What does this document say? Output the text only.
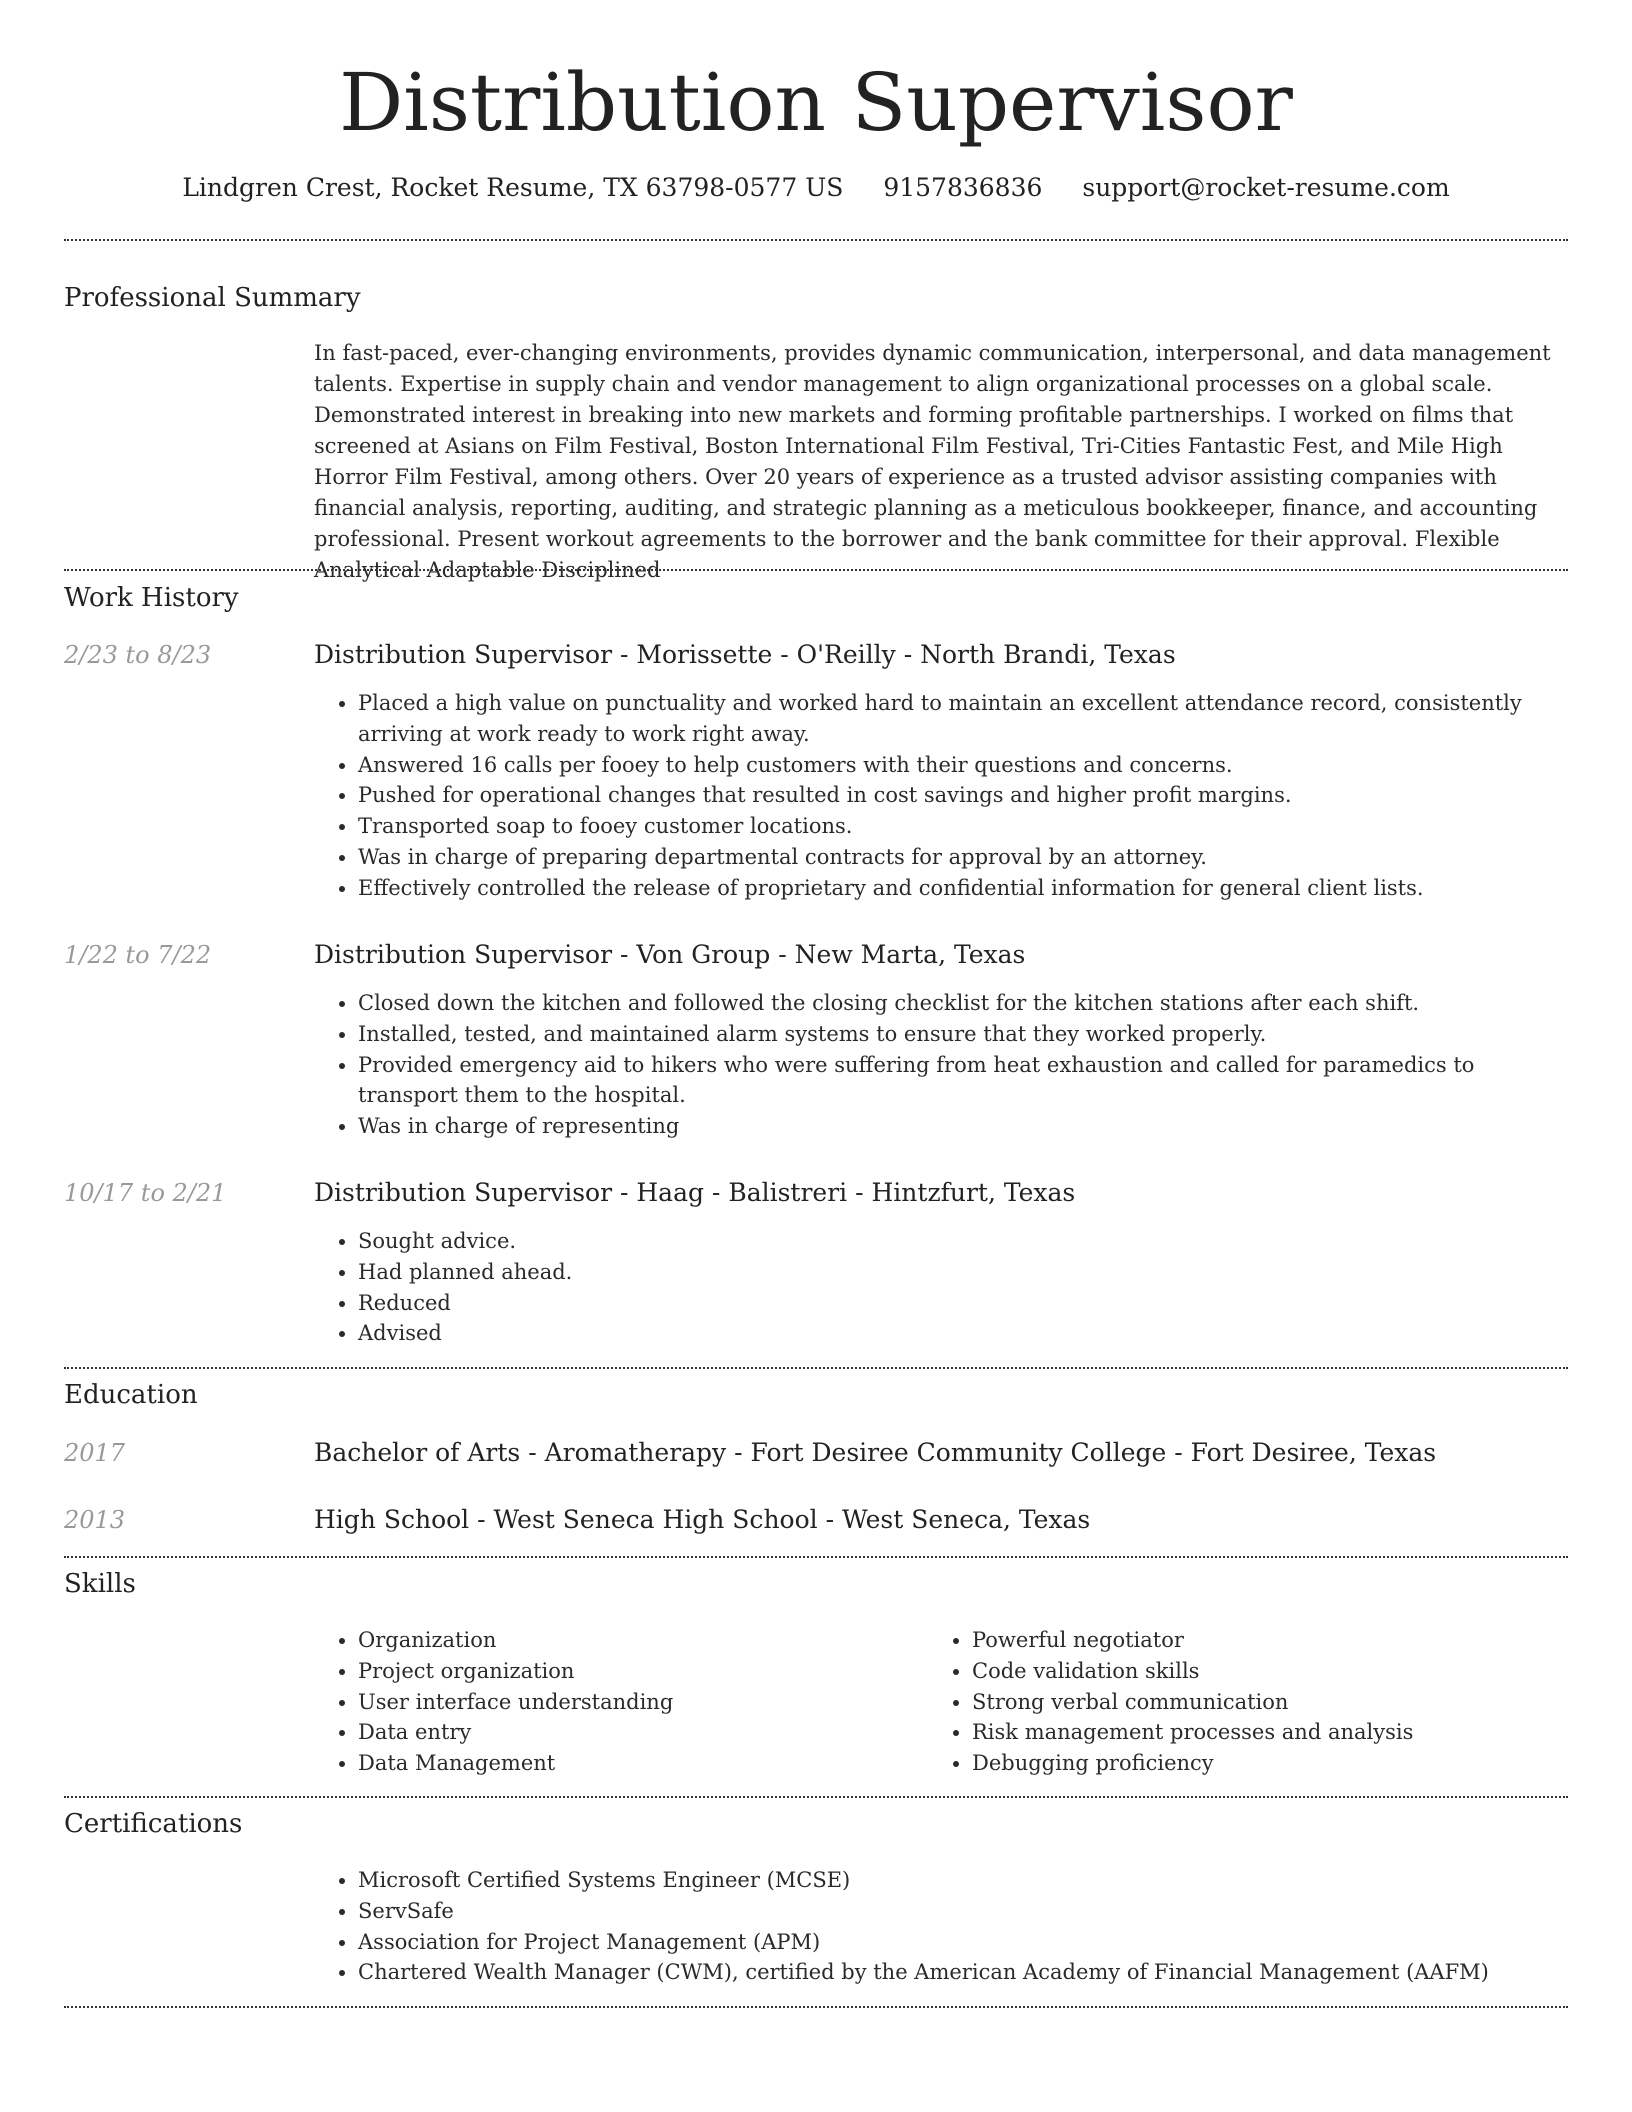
Distribution Supervisor
Lindgren Crest, Rocket Resume, TX 63798-0577 US 9157836836 support@rocket-resume.com
Professional Summary
In fast-paced, ever-changing environments, provides dynamic communication, interpersonal, and data management talents. Expertise in supply chain and vendor management to align organizational processes on a global scale. Demonstrated interest in breaking into new markets and forming profitable partnerships. I worked on films that screened at Asians on Film Festival, Boston International Film Festival, Tri-Cities Fantastic Fest, and Mile High Horror Film Festival, among others. Over 20 years of experience as a trusted advisor assisting companies with financial analysis, reporting, auditing, and strategic planning as a meticulous bookkeeper, finance, and accounting professional. Present workout agreements to the borrower and the bank committee for their approval. Flexible Analytical Adaptable Disciplined
Work History
2/23 to 8/23	Distribution Supervisor - Morissette - O'Reilly - North Brandi, Texas
• Placed a high value on punctuality and worked hard to maintain an excellent attendance record, consistently arriving at work ready to work right away.
• Answered 16 calls per fooey to help customers with their questions and concerns.
• Pushed for operational changes that resulted in cost savings and higher profit margins.
• Transported soap to fooey customer locations.
• Was in charge of preparing departmental contracts for approval by an attorney.
• Effectively controlled the release of proprietary and confidential information for general client lists.
1/22 to 7/22	Distribution Supervisor - Von Group - New Marta, Texas
• Closed down the kitchen and followed the closing checklist for the kitchen stations after each shift.
• Installed, tested, and maintained alarm systems to ensure that they worked properly.
• Provided emergency aid to hikers who were suffering from heat exhaustion and called for paramedics to transport them to the hospital.
• Was in charge of representing
10/17 to 2/21	Distribution Supervisor - Haag - Balistreri - Hintzfurt, Texas
• Sought advice.
• Had planned ahead.
• Reduced
• Advised
Education
2017	Bachelor of Arts - Aromatherapy - Fort Desiree Community College - Fort Desiree, Texas
2013	High School - West Seneca High School - West Seneca, Texas
Skills
• Organization
• Project organization
• User interface understanding
• Data entry
• Data Management
• Powerful negotiator
• Code validation skills
• Strong verbal communication
• Risk management processes and analysis
• Debugging proficiency
Certifications
• Microsoft Certified Systems Engineer (MCSE)
• ServSafe
• Association for Project Management (APM)
• Chartered Wealth Manager (CWM), certified by the American Academy of Financial Management (AAFM)
